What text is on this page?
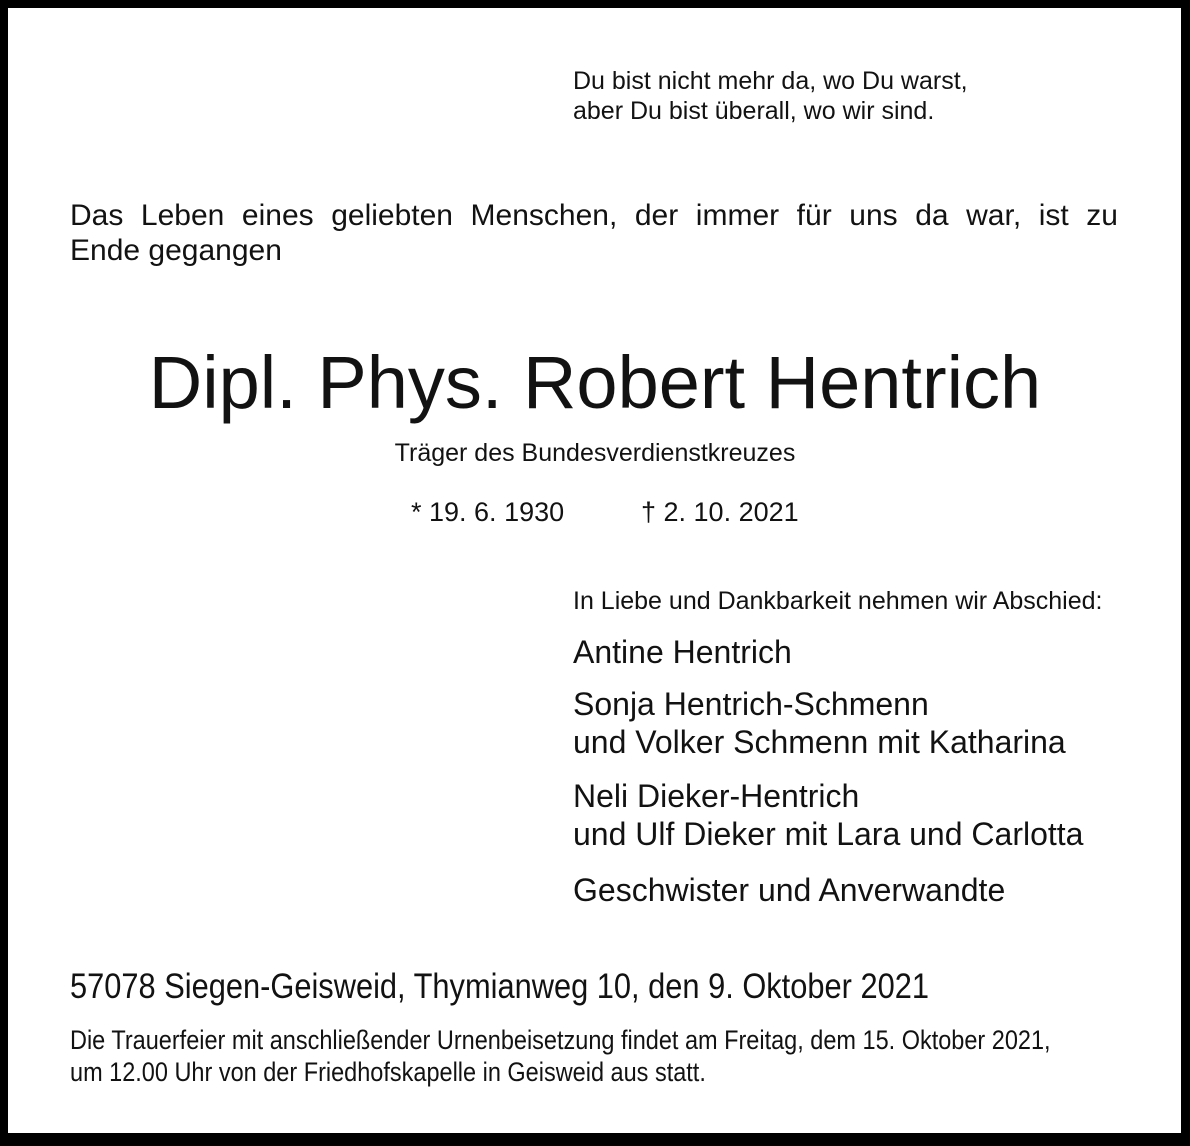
Du bist nicht mehr da, wo Du warst,
aber Du bist überall, wo wir sind.
Das Leben eines geliebten Menschen, der immer für uns da war, ist zu
Ende gegangen
Dipl. Phys. Robert Hentrich
Träger des Bundesverdienstkreuzes
* 19. 6. 1930	† 2. 10. 2021
In Liebe und Dankbarkeit nehmen wir Abschied:
Antine Hentrich
Sonja Hentrich-Schmenn
und Volker Schmenn mit Katharina
Neli Dieker-Hentrich
und Ulf Dieker mit Lara und Carlotta
Geschwister und Anverwandte
57078 Siegen-Geisweid, Thymianweg 10, den 9. Oktober 2021
Die Trauerfeier mit anschließender Urnenbeisetzung findet am Freitag, dem 15. Oktober 2021,
um 12.00 Uhr von der Friedhofskapelle in Geisweid aus statt.
